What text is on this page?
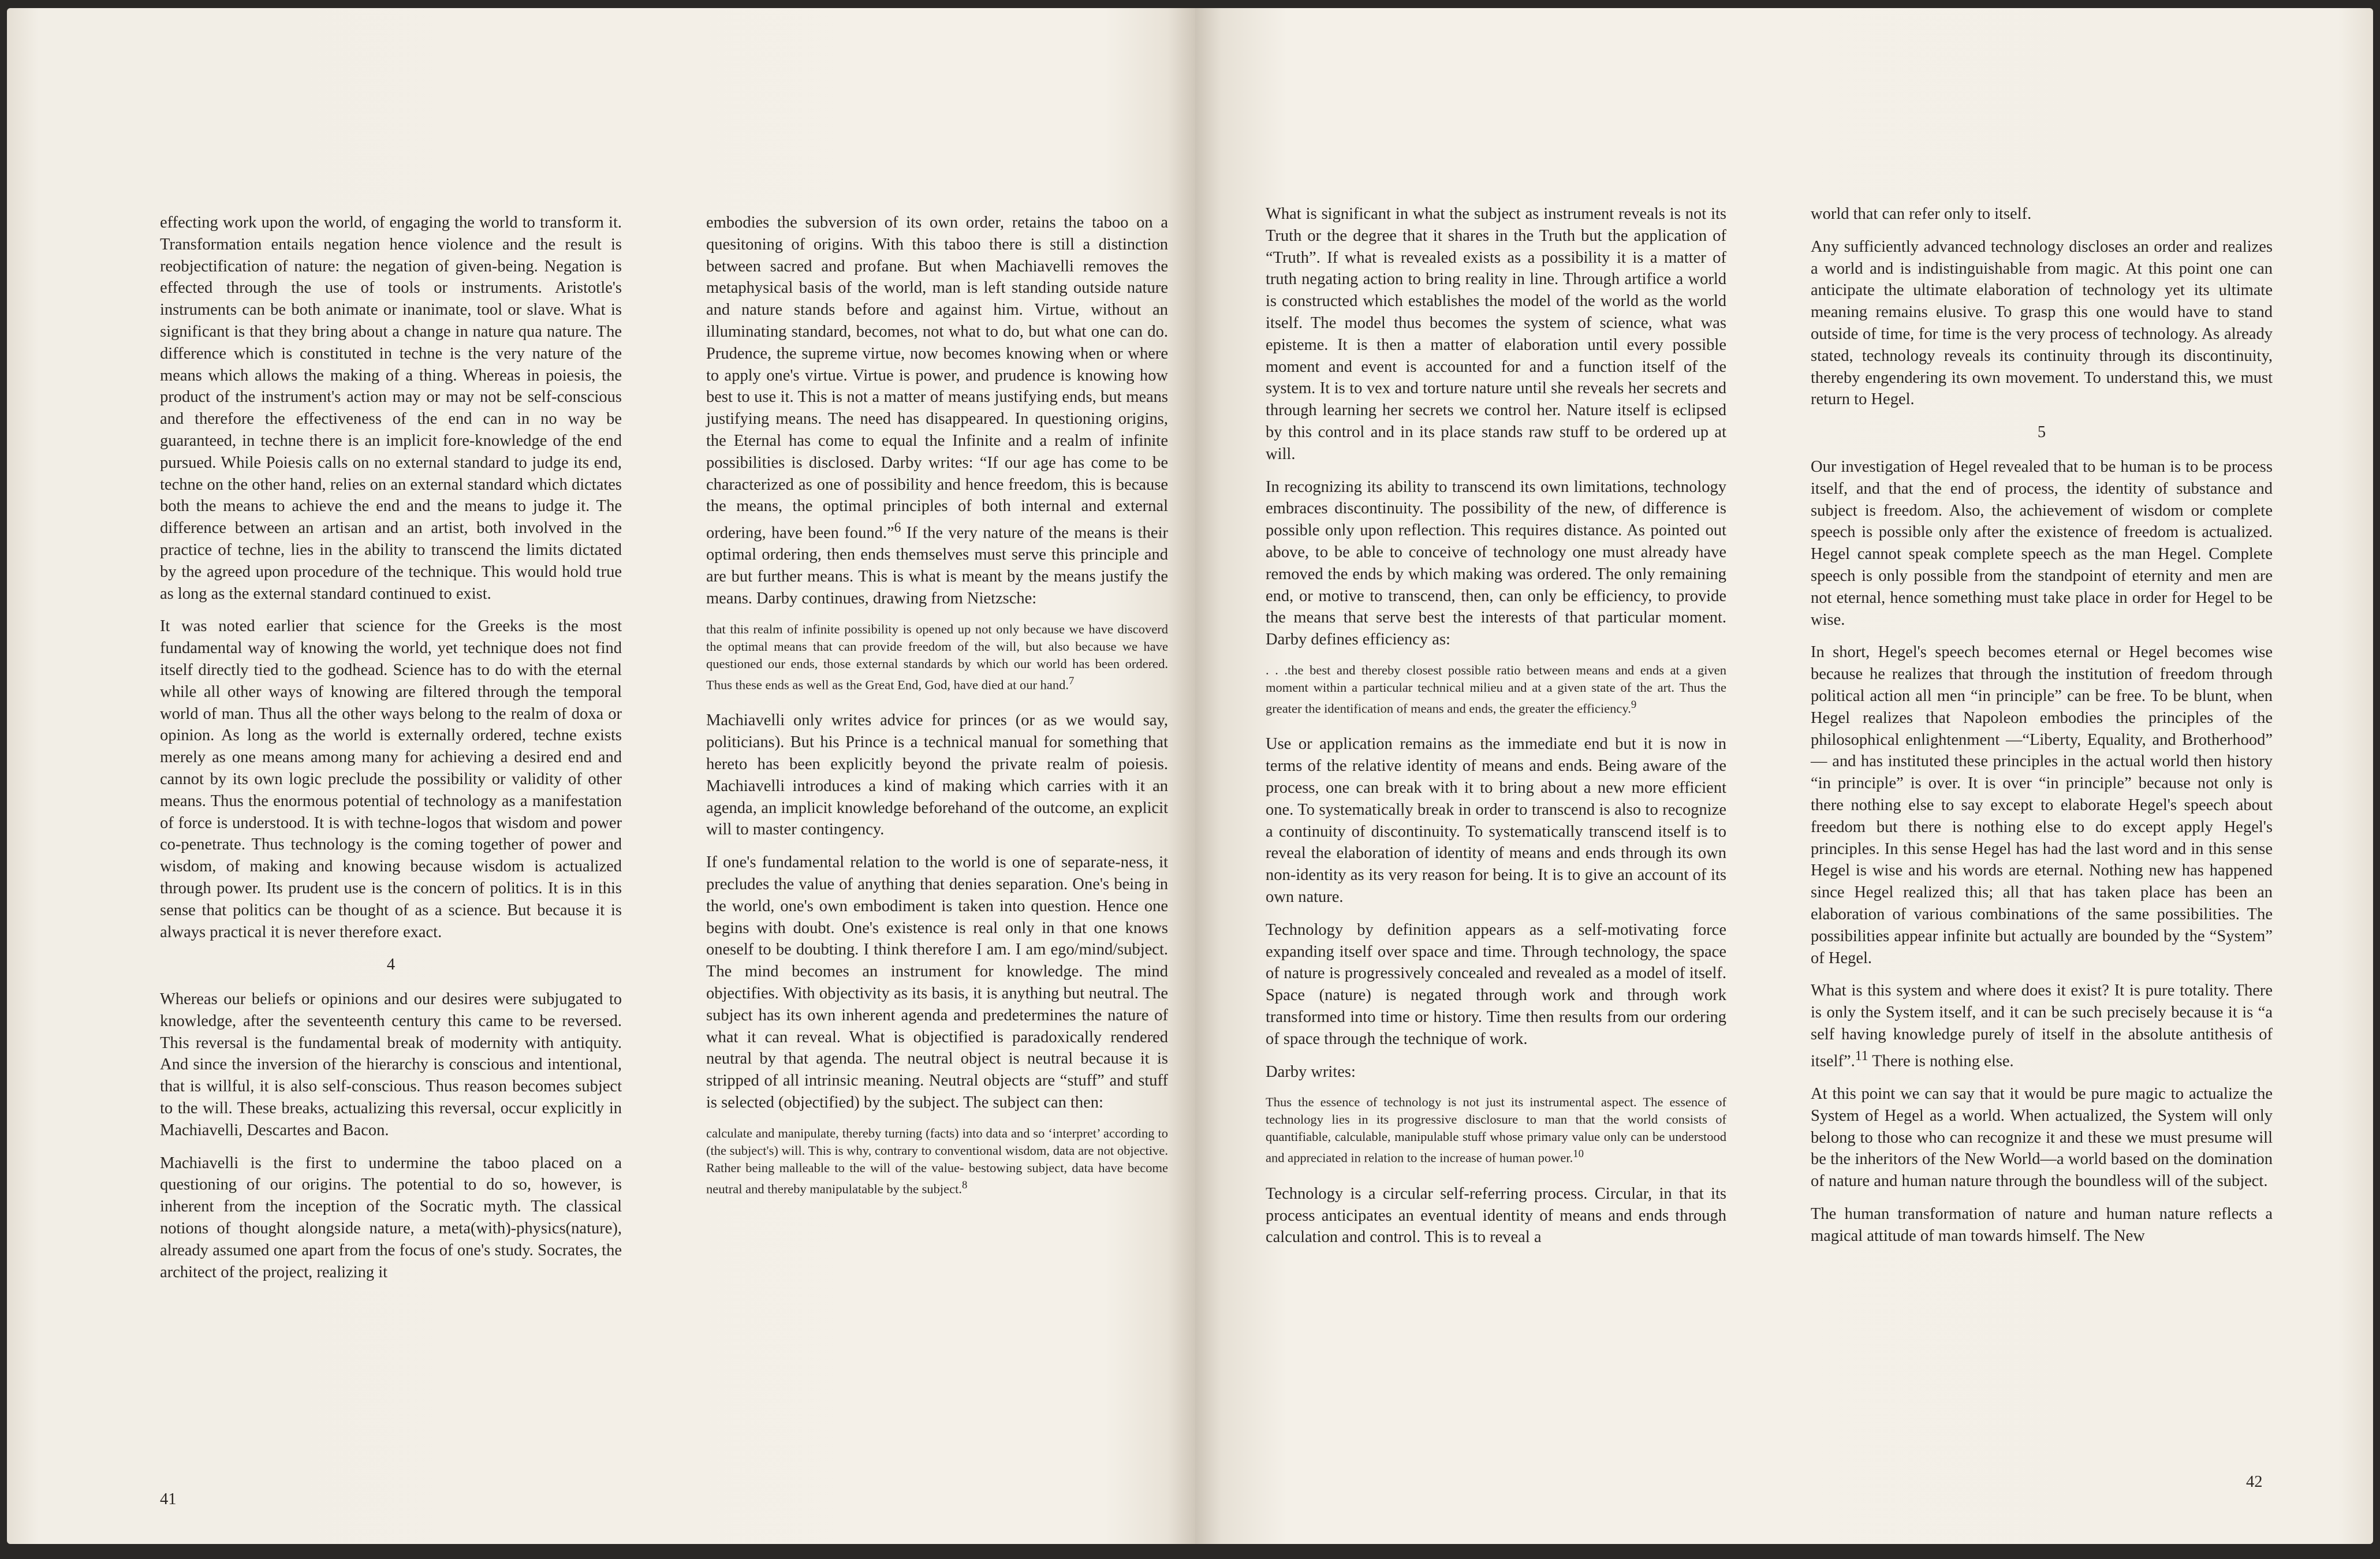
effecting work upon the world, of engaging the world to transform it. Transformation entails negation hence violence and the result is reobjectification of nature: the negation of given-being. Negation is effected through the use of tools or instruments. Aristotle's instruments can be both animate or inanimate, tool or slave. What is significant is that they bring about a change in nature qua nature. The difference which is constituted in techne is the very nature of the means which allows the making of a thing. Whereas in poiesis, the product of the instrument's action may or may not be self-conscious and therefore the effectiveness of the end can in no way be guaranteed, in techne there is an implicit fore-knowledge of the end pursued. While Poiesis calls on no external standard to judge its end, techne on the other hand, relies on an external standard which dictates both the means to achieve the end and the means to judge it. The difference between an artisan and an artist, both involved in the practice of techne, lies in the ability to transcend the limits dictated by the agreed upon procedure of the technique. This would hold true as long as the external standard continued to exist.

It was noted earlier that science for the Greeks is the most fundamental way of knowing the world, yet technique does not find itself directly tied to the godhead. Science has to do with the eternal while all other ways of knowing are filtered through the temporal world of man. Thus all the other ways belong to the realm of doxa or opinion. As long as the world is externally ordered, techne exists merely as one means among many for achieving a desired end and cannot by its own logic preclude the possibility or validity of other means. Thus the enormous potential of technology as a manifestation of force is understood. It is with techne-logos that wisdom and power co-penetrate. Thus technology is the coming together of power and wisdom, of making and knowing because wisdom is actualized through power. Its prudent use is the concern of politics. It is in this sense that politics can be thought of as a science. But because it is always practical it is never therefore exact.

4

Whereas our beliefs or opinions and our desires were subjugated to knowledge, after the seventeenth century this came to be reversed. This reversal is the fundamental break of modernity with antiquity. And since the inversion of the hierarchy is conscious and intentional, that is willful, it is also self-conscious. Thus reason becomes subject to the will. These breaks, actualizing this reversal, occur explicitly in Machiavelli, Descartes and Bacon.

Machiavelli is the first to undermine the taboo placed on a questioning of our origins. The potential to do so, however, is inherent from the inception of the Socratic myth. The classical notions of thought alongside nature, a meta(with)-physics(nature), already assumed one apart from the focus of one's study. Socrates, the architect of the project, realizing it

embodies the subversion of its own order, retains the taboo on a quesitoning of origins. With this taboo there is still a distinction between sacred and profane. But when Machiavelli removes the metaphysical basis of the world, man is left standing outside nature and nature stands before and against him. Virtue, without an illuminating standard, becomes, not what to do, but what one can do. Prudence, the supreme virtue, now becomes knowing when or where to apply one's virtue. Virtue is power, and prudence is knowing how best to use it. This is not a matter of means justifying ends, but means justifying means. The need has disappeared. In questioning origins, the Eternal has come to equal the Infinite and a realm of infinite possibilities is disclosed. Darby writes: “If our age has come to be characterized as one of possibility and hence freedom, this is because the means, the optimal principles of both internal and external ordering, have been found.”$^6$ If the very nature of the means is their optimal ordering, then ends themselves must serve this principle and are but further means. This is what is meant by the means justify the means. Darby continues, drawing from Nietzsche:

that this realm of infinite possibility is opened up not only because we have discoverd the optimal means that can provide freedom of the will, but also because we have questioned our ends, those external standards by which our world has been ordered. Thus these ends as well as the Great End, God, have died at our hand.$^7$

Machiavelli only writes advice for princes (or as we would say, politicians). But his Prince is a technical manual for something that hereto has been explicitly beyond the private realm of poiesis. Machiavelli introduces a kind of making which carries with it an agenda, an implicit knowledge beforehand of the outcome, an explicit will to master contingency.

If one's fundamental relation to the world is one of separate-ness, it precludes the value of anything that denies separation. One's being in the world, one's own embodiment is taken into question. Hence one begins with doubt. One's existence is real only in that one knows oneself to be doubting. I think therefore I am. I am ego/mind/subject. The mind becomes an instrument for knowledge. The mind objectifies. With objectivity as its basis, it is anything but neutral. The subject has its own inherent agenda and predetermines the nature of what it can reveal. What is objectified is paradoxically rendered neutral by that agenda. The neutral object is neutral because it is stripped of all intrinsic meaning. Neutral objects are “stuff” and stuff is selected (objectified) by the subject. The subject can then:

calculate and manipulate, thereby turning (facts) into data and so ‘interpret’ according to (the subject's) will. This is why, contrary to conventional wisdom, data are not objective. Rather being malleable to the will of the value- bestowing subject, data have become neutral and thereby manipulatable by the subject.$^8$

41

What is significant in what the subject as instrument reveals is not its Truth or the degree that it shares in the Truth but the application of “Truth”. If what is revealed exists as a possibility it is a matter of truth negating action to bring reality in line. Through artifice a world is constructed which establishes the model of the world as the world itself. The model thus becomes the system of science, what was episteme. It is then a matter of elaboration until every possible moment and event is accounted for and a function itself of the system. It is to vex and torture nature until she reveals her secrets and through learning her secrets we control her. Nature itself is eclipsed by this control and in its place stands raw stuff to be ordered up at will.

In recognizing its ability to transcend its own limitations, technology embraces discontinuity. The possibility of the new, of difference is possible only upon reflection. This requires distance. As pointed out above, to be able to conceive of technology one must already have removed the ends by which making was ordered. The only remaining end, or motive to transcend, then, can only be efficiency, to provide the means that serve best the interests of that particular moment. Darby defines efficiency as:

. . .the best and thereby closest possible ratio between means and ends at a given moment within a particular technical milieu and at a given state of the art. Thus the greater the identification of means and ends, the greater the efficiency.$^9$

Use or application remains as the immediate end but it is now in terms of the relative identity of means and ends. Being aware of the process, one can break with it to bring about a new more efficient one. To systematically break in order to transcend is also to recognize a continuity of discontinuity. To systematically transcend itself is to reveal the elaboration of identity of means and ends through its own non-identity as its very reason for being. It is to give an account of its own nature.

Technology by definition appears as a self-motivating force expanding itself over space and time. Through technology, the space of nature is progressively concealed and revealed as a model of itself. Space (nature) is negated through work and through work transformed into time or history. Time then results from our ordering of space through the technique of work.

Darby writes:

Thus the essence of technology is not just its instrumental aspect. The essence of technology lies in its progressive disclosure to man that the world consists of quantifiable, calculable, manipulable stuff whose primary value only can be understood and appreciated in relation to the increase of human power.$^{10}$

Technology is a circular self-referring process. Circular, in that its process anticipates an eventual identity of means and ends through calculation and control. This is to reveal a

world that can refer only to itself.

Any sufficiently advanced technology discloses an order and realizes a world and is indistinguishable from magic. At this point one can anticipate the ultimate elaboration of technology yet its ultimate meaning remains elusive. To grasp this one would have to stand outside of time, for time is the very process of technology. As already stated, technology reveals its continuity through its discontinuity, thereby engendering its own movement. To understand this, we must return to Hegel.

5

Our investigation of Hegel revealed that to be human is to be process itself, and that the end of process, the identity of substance and subject is freedom. Also, the achievement of wisdom or complete speech is possible only after the existence of freedom is actualized. Hegel cannot speak complete speech as the man Hegel. Complete speech is only possible from the standpoint of eternity and men are not eternal, hence something must take place in order for Hegel to be wise.

In short, Hegel's speech becomes eternal or Hegel becomes wise because he realizes that through the institution of freedom through political action all men “in principle” can be free. To be blunt, when Hegel realizes that Napoleon embodies the principles of the philosophical enlightenment —“Liberty, Equality, and Brotherhood” — and has instituted these principles in the actual world then history “in principle” is over. It is over “in principle” because not only is there nothing else to say except to elaborate Hegel's speech about freedom but there is nothing else to do except apply Hegel's principles. In this sense Hegel has had the last word and in this sense Hegel is wise and his words are eternal. Nothing new has happened since Hegel realized this; all that has taken place has been an elaboration of various combinations of the same possibilities. The possibilities appear infinite but actually are bounded by the “System” of Hegel.

What is this system and where does it exist? It is pure totality. There is only the System itself, and it can be such precisely because it is “a self having knowledge purely of itself in the absolute antithesis of itself”.$^{11}$ There is nothing else.

At this point we can say that it would be pure magic to actualize the System of Hegel as a world. When actualized, the System will only belong to those who can recognize it and these we must presume will be the inheritors of the New World—a world based on the domination of nature and human nature through the boundless will of the subject.

The human transformation of nature and human nature reflects a magical attitude of man towards himself. The New

42
